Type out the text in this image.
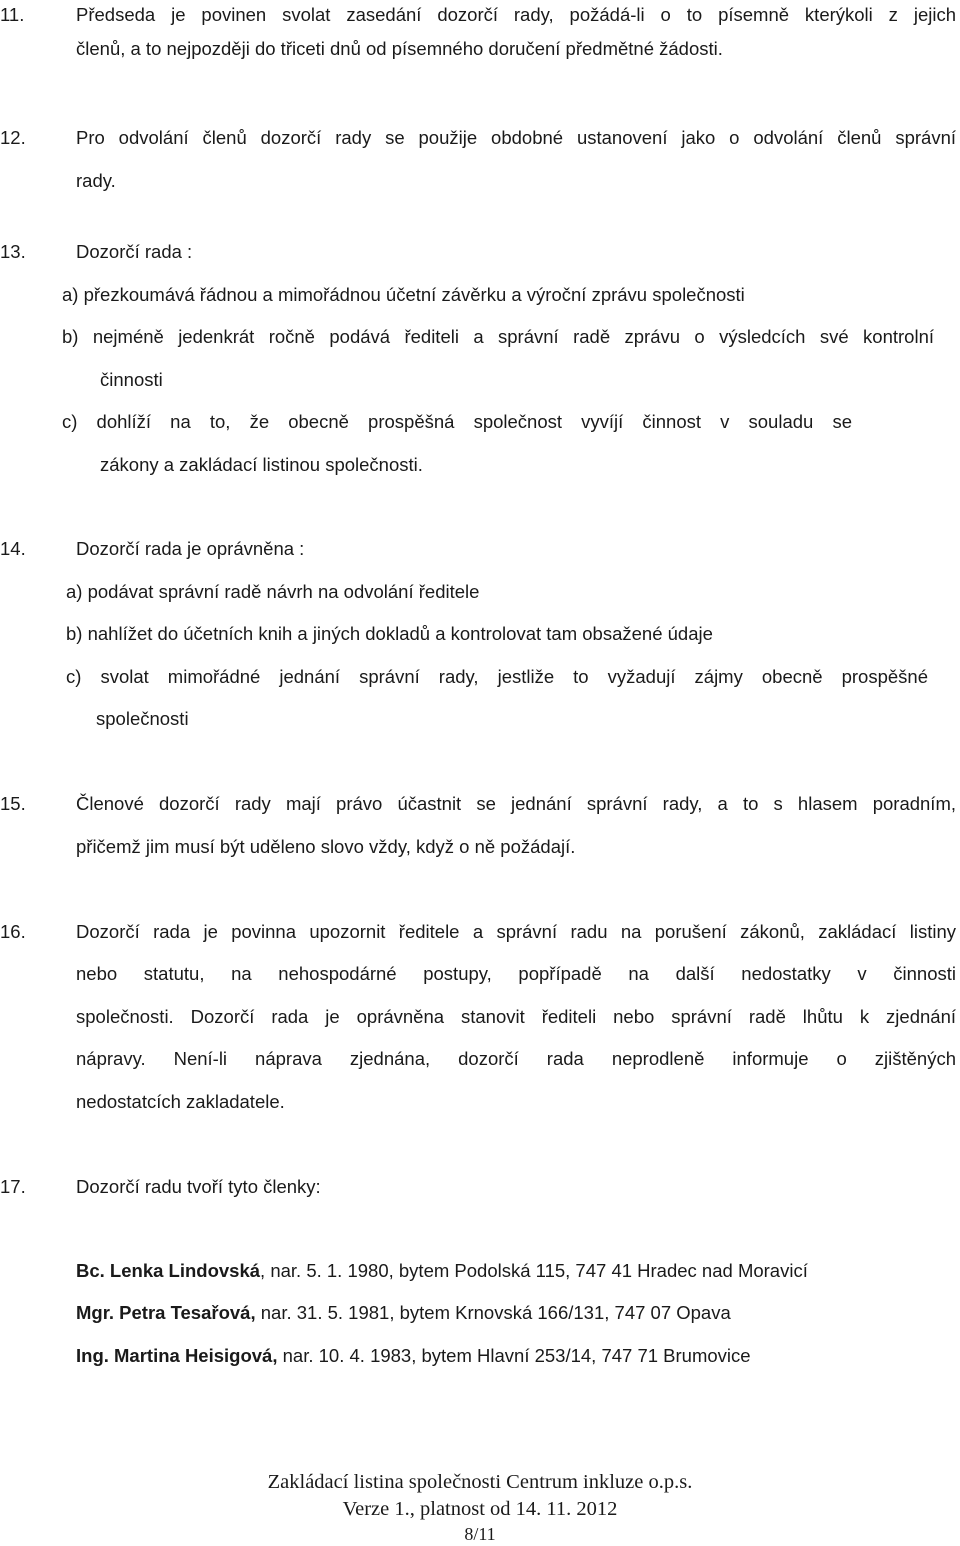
11.	Předseda je povinen svolat zasedání dozorčí rady, požádá-li o to písemně kterýkoli z jejich
členů, a to nejpozději do třiceti dnů od písemného doručení předmětné žádosti.
12.	Pro odvolání členů dozorčí rady se použije obdobné ustanovení jako o odvolání členů správní
rady.
13.	Dozorčí rada :
a) přezkoumává řádnou a mimořádnou účetní závěrku a výroční zprávu společnosti
b) nejméně jedenkrát ročně podává řediteli a správní radě zprávu o výsledcích své kontrolní
činnosti
c) dohlíží na to, že obecně prospěšná společnost vyvíjí činnost v souladu se
zákony a zakládací listinou společnosti.
14.	Dozorčí rada je oprávněna :
a) podávat správní radě návrh na odvolání ředitele
b) nahlížet do účetních knih a jiných dokladů a kontrolovat tam obsažené údaje
c) svolat mimořádné jednání správní rady, jestliže to vyžadují zájmy obecně prospěšné
společnosti
15.	Členové dozorčí rady mají právo účastnit se jednání správní rady, a to s hlasem poradním,
přičemž jim musí být uděleno slovo vždy, když o ně požádají.
16.	Dozorčí rada je povinna upozornit ředitele a správní radu na porušení zákonů, zakládací listiny
nebo statutu, na nehospodárné postupy, popřípadě na další nedostatky v činnosti
společnosti. Dozorčí rada je oprávněna stanovit řediteli nebo správní radě lhůtu k zjednání
nápravy. Není-li náprava zjednána, dozorčí rada neprodleně informuje o zjištěných
nedostatcích zakladatele.
17.	Dozorčí radu tvoří tyto členky:
Bc. Lenka Lindovská, nar. 5. 1. 1980, bytem Podolská 115, 747 41 Hradec nad Moravicí
Mgr. Petra Tesařová, nar. 31. 5. 1981, bytem Krnovská 166/131, 747 07 Opava
Ing. Martina Heisigová, nar. 10. 4. 1983, bytem Hlavní 253/14, 747 71 Brumovice
Zakládací listina společnosti Centrum inkluze o.p.s.
Verze 1., platnost od 14. 11. 2012
8/11
